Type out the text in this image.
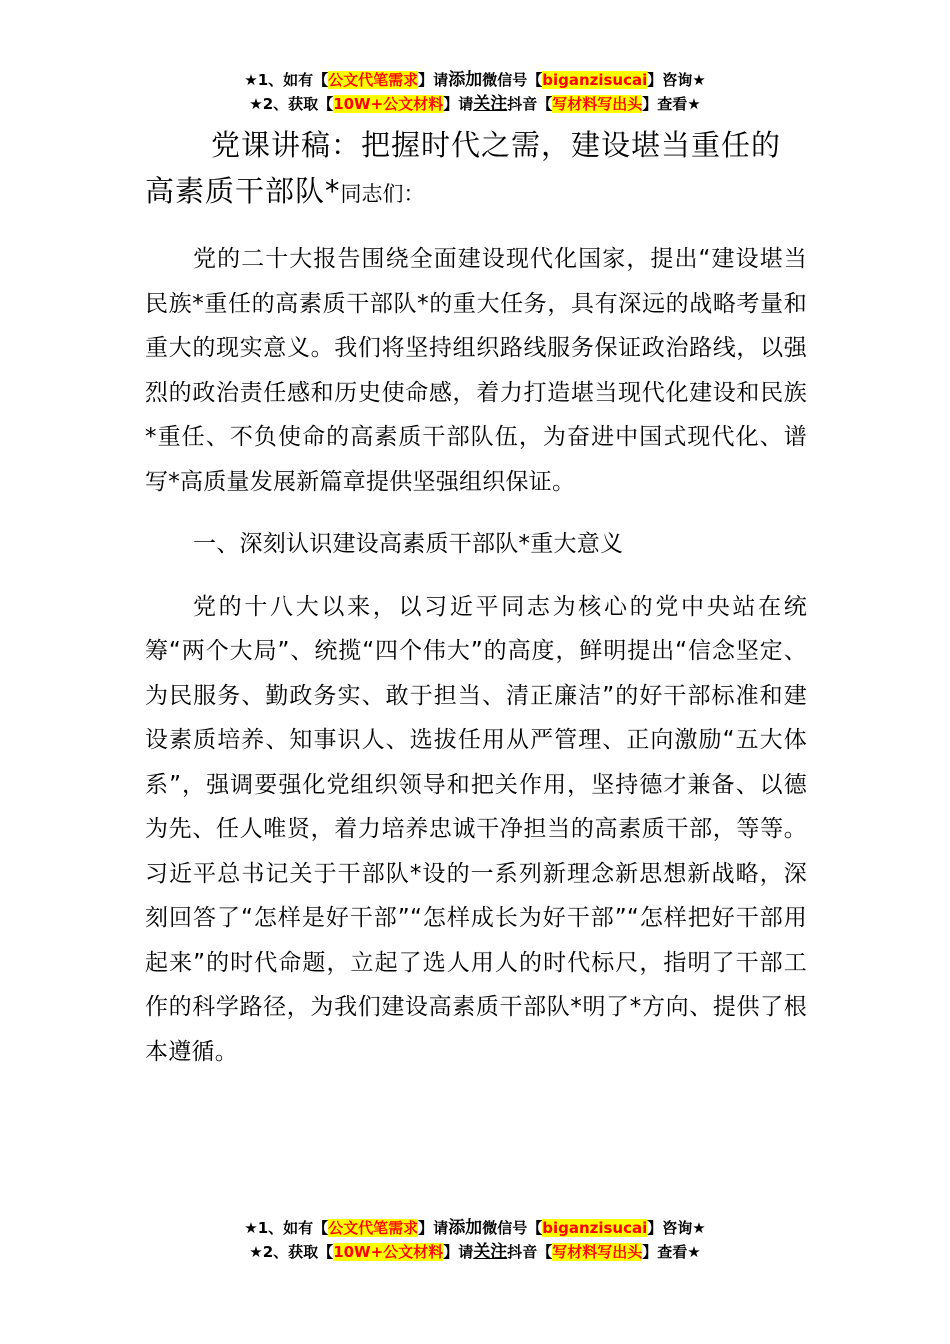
★1、如有【公文代笔需求】请添加微信号【biganzisucai】咨询★
★2、获取【10W+公文材料】请关注抖音【写材料写出头】查看★
党课讲稿：把握时代之需，建设堪当重任的高素质干部队*同志们：

党的二十大报告围绕全面建设现代化国家，提出“建设堪当民族*重任的高素质干部队*的重大任务，具有深远的战略考量和重大的现实意义。我们将坚持组织路线服务保证政治路线，以强烈的政治责任感和历史使命感，着力打造堪当现代化建设和民族*重任、不负使命的高素质干部队伍，为奋进中国式现代化、谱写*高质量发展新篇章提供坚强组织保证。

一、深刻认识建设高素质干部队*重大意义

党的十八大以来，以习近平同志为核心的党中央站在统筹“两个大局”、统揽“四个伟大”的高度，鲜明提出“信念坚定、为民服务、勤政务实、敢于担当、清正廉洁”的好干部标准和建设素质培养、知事识人、选拔任用从严管理、正向激励“五大体系”，强调要强化党组织领导和把关作用，坚持德才兼备、以德为先、任人唯贤，着力培养忠诚干净担当的高素质干部，等等。习近平总书记关于干部队*设的一系列新理念新思想新战略，深刻回答了“怎样是好干部”“怎样成长为好干部”“怎样把好干部用起来”的时代命题，立起了选人用人的时代标尺，指明了干部工作的科学路径，为我们建设高素质干部队*明了*方向、提供了根本遵循。

★1、如有【公文代笔需求】请添加微信号【biganzisucai】咨询★
★2、获取【10W+公文材料】请关注抖音【写材料写出头】查看★
